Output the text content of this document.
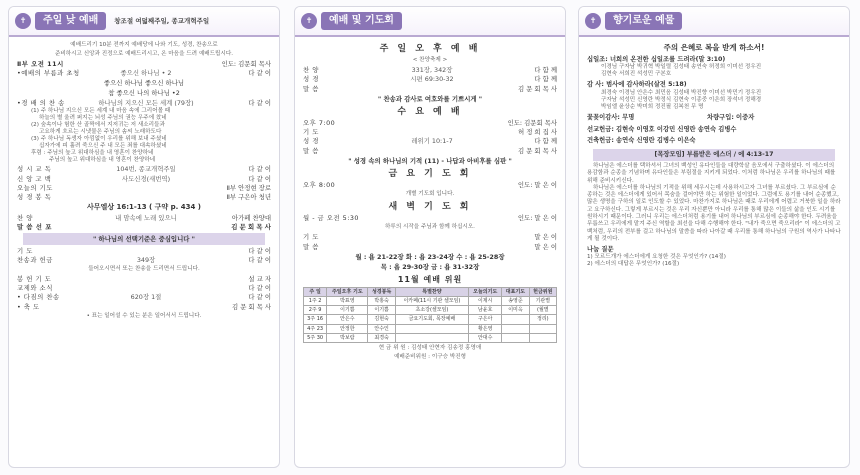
✝	주일 낮 예배	창조절 여덟째주일, 종교개혁주일
예배드리기 10분 전까지 예배당에 나와 기도, 성경, 찬송으로
준비하시고 신앙과 진정으로 예배드리시고, 온 마음을 드려 예배드립시다.
Ⅱ부 오전 11시	인도: 김문회 목사
•예배의 부름과 초청	좋으신 하나님 • 2	다 같 이
좋으신 하나님 좋으신 하나님
참 좋으신 나의 하나님 •2
•경 배 의 찬 송	하나님의 지으신 모든 세계 (79장)	다 같 이
(1) 주 하나님 지으신 모든 세계 내 마음 속에 그리어볼 때
하늘의 별 울려 퍼지는 뇌성 주님의 권능 우주에 찼네
(2) 숲속이나 험한 산 골짝에서 지저귀는 저 새소리들과
고요하게 흐르는 시냇물은 주님의 솜씨 노래하도다
(3) 주 하나님 독생자 아낌없이 우리를 위해 보내 주셨네
십자가에 피 흘려 죽으신 주 내 모든 죄를 대속하셨네
후렴 : 주님의 높고 위대하심을 내 영혼이 찬양하네
주님의 높고 위대하심을 내 영혼이 찬양하네
성 시 교 독	104번, 종교개혁주일	다 같 이
신 앙 고 백	사도신경(새번역)	다 같 이
오늘의 기도	Ⅱ부 안정현 장로
성 경 봉 독	Ⅱ부 구은아 청년
사무엘상 16:1-13 ( 구약 p. 434 )
찬 양	내 맘속에 노래 있으니	아가페 찬양대
말 씀 선 포	김 문 회 목 사
" 하나님의 선택기준은 중심입니다 "
기 도	다 같 이
찬송과 헌금	349장	다 같 이
들어오시면서 또는 찬송을 드리면서 드립니다.
봉 헌 기 도	설 교 자
교제와 소식	다 같 이
• 다짐의 찬송	620장 1절	다 같 이
• 축 도	김 문 회 목 사
• 표는 일어설 수 있는 분은 일어서서 드립니다.
✝	예배 및 기도회
주 일 오 후 예 배
< 찬양축제 >
찬 양	331장, 342장	다 함 께
성 경	시편 69:30-32	다 함 께
말 씀	김 문 회 목 사
" 찬송과 감사로 여호와를 기쁘시게 "
수 요 예 배
오후 7:00	인도: 김문회 목사
기 도	허 정 희 집 사
성 경	레위기 10:1-7	다 함 께
말 씀	김 문 회 목 사
" 성경 속의 하나님의 기적 (11) - 나답과 아비후를 심판 "
금 요 기 도 회
오후 8:00	인도: 말 은 이
개별 기도회 입니다.
새 벽 기 도 회
월 - 금 오전 5:30	인도: 말 은 이
하루의 시작을 주님과 함께 하십시오.
기 도	말 은 이
말 씀	말 은 이
월 : 욥 21-22장 화 : 욥 23-24장 수 : 욥 25-28장
목 : 욥 29-30장 금 : 욥 31-32장
11월 예배 위원
주 일	주일오후 기도	성경봉독	특별찬양	오늘의기도	대표기도	헌금위원
1주 2	박표영	박홍숙	이카페(11시 기관 셀모임)	이제시	송영준	기관별
2주 9	이기쁨	이기쁨	초소강(셀모임)	남윤호	이미옥	(월별
3주 16	안은수	김현숙	금요기도회, 목장예배	구은아		정리)
4주 23	안정한	안수인		황은영		
5주 30	박보람	최경숙		안대수		
현 금 위 원 : 김성태 안현자 김송정 홍영애
예배준비위원 : 이구승 박진형
✝	향기로운 예물
주의 은혜로 복을 받게 하소서!
십일조: 너희의 온전한 십일조를 드려라(말 3:10)
이경님 구자남 박귀혁 박일렬 김성태 송연숙 허정희 이미선 정우진
김현숙 서희진 석성민 구본호
감 사: 범사에 감사하라(살전 5:18)
최경숙 이경님 안은수 최민음 김성태 박진향 이미선 박민기 정우진
구자남 석성민 신영란 박정식 김현숙 이종중 이은희 장석녀 정해경
박임엘 윤상순 박미희 정진필 김복천 무 명
꽃꽂이감사: 무명	차량구입: 이중자
선교헌금: 김현숙 이영호 이강민 신영란 송연숙 김병수
건축헌금: 송연숙 신영란 김병수 이은숙
[목장모임] 부름받은 에스더 / 에 4:13-17
하나님은 에스더를 택하셔서 그녀의 백성인 유다인들을 대량학살 음모에서 구출하셨다. 이 에스더의 용감함과 순종을 기념하며 유다인들은 부림절을 지키게 되었다. 이처럼 하나님은 우리를 하나님의 때를 위해 준비시키신다.
하나님은 에스더를 하나님의 기적을 위해 세우시는데 사용하시고자 그녀를 부르셨다. 그 부르심에 순종하는 것은 에스더에게 있어서 목숨을 걸어야만 하는 위험한 일이었다. 그럼에도 용기를 내어 순종했고, 많은 생명을 구하의 일로 인도할 수 있었다. 마찬가지로 하나님은 때로 우리에게 어렵고 거북한 일을 하라고 요구하신다. 그렇게 부르시는 것은 우리 자신뿐만 아니라 우리를 통해 많은 이들의 삶을 인도 시기를 원하시기 때문이다. 그러니 우리는 에스더처럼 용기를 내어 하나님의 부르심에 순종해야 한다. 두려움을 무릅쓰고 우리에게 맡겨 주신 역할을 최선을 다해 수행해야 한다. "내가 죽으면 죽으리라" 이 에스더의 고백처럼, 우리의 전부를 걸고 하나님의 말씀을 따라 나아갈 때 우리를 통해 하나님의 구원의 역사가 나타나게 될 것이다.
나눔 질문
1) 모르드개가 에스더에게 요청한 것은 무엇인가? (14절)
2) 에스더의 대답은 무엇인가? (16절)
